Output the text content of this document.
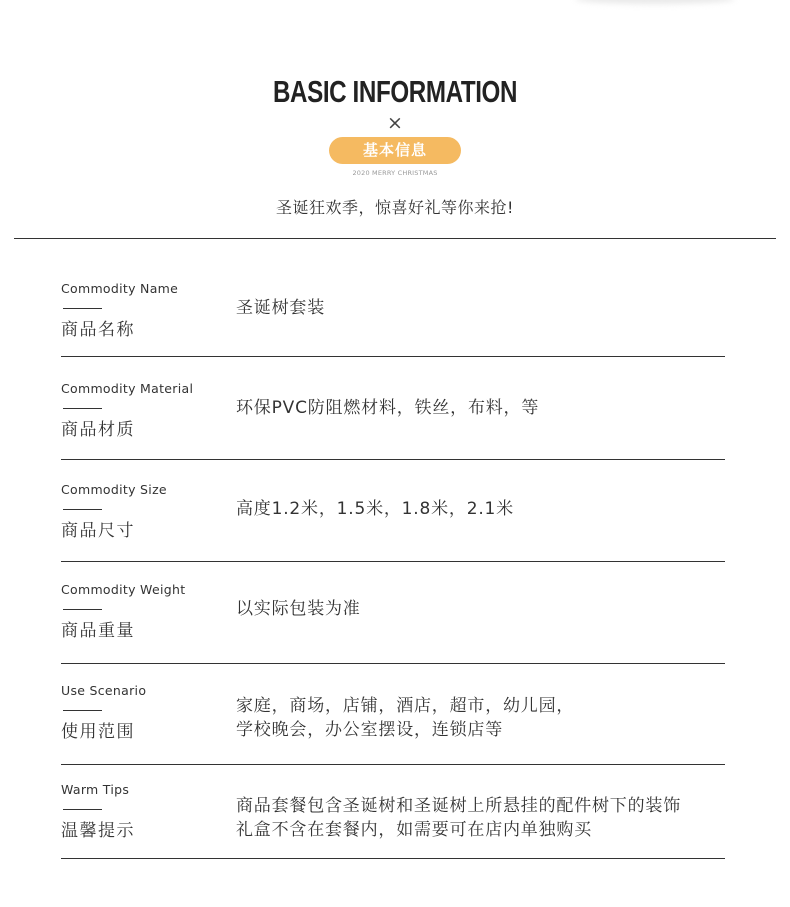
BASIC INFORMATION
×
基本信息
2020 MERRY CHRISTMAS
圣诞狂欢季，惊喜好礼等你来抢!
Commodity Name
商品名称
圣诞树套装
Commodity Material
商品材质
环保PVC防阻燃材料，铁丝，布料，等
Commodity Size
商品尺寸
高度1.2米，1.5米，1.8米，2.1米
Commodity Weight
商品重量
以实际包装为准
Use Scenario
使用范围
家庭，商场，店铺，酒店，超市，幼儿园，
学校晚会，办公室摆设，连锁店等
Warm Tips
温馨提示
商品套餐包含圣诞树和圣诞树上所悬挂的配件树下的装饰
礼盒不含在套餐内，如需要可在店内单独购买
